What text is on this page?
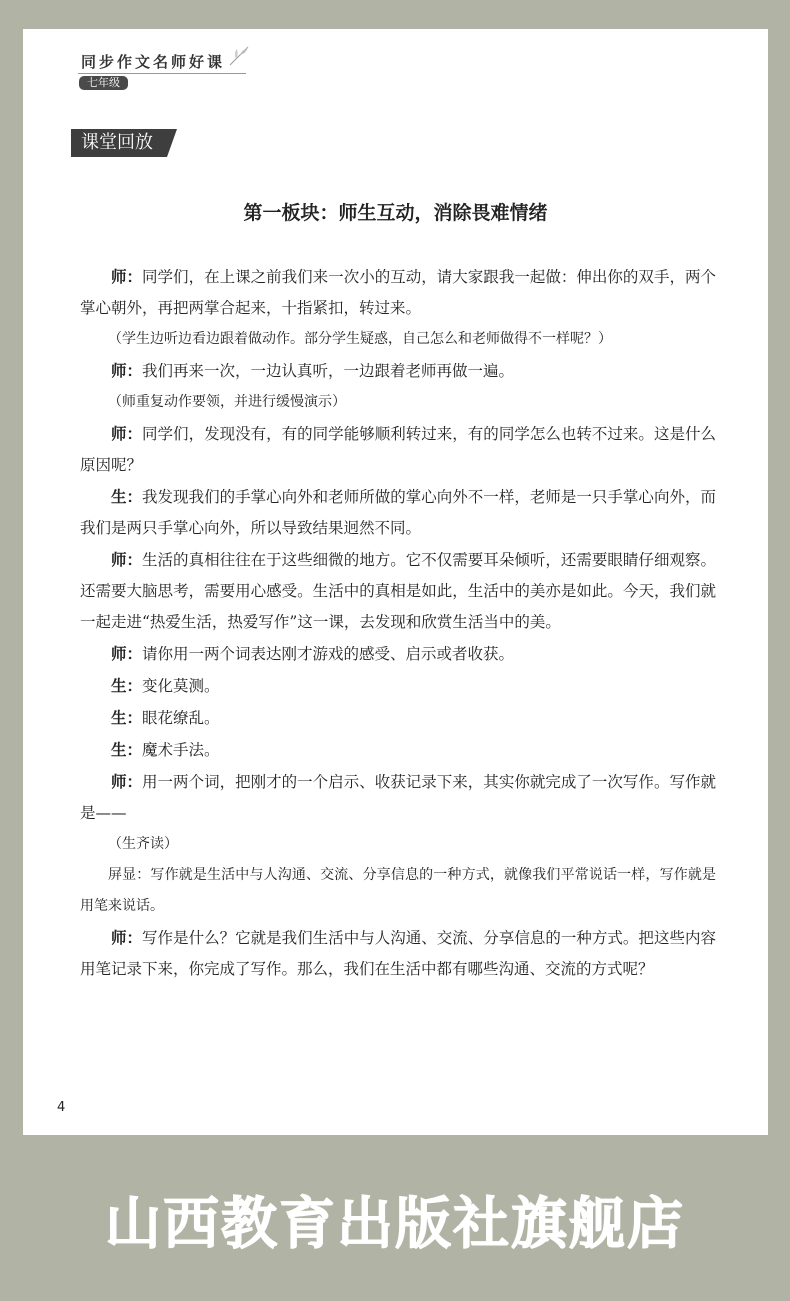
同步作文名师好课
七年级
课堂回放
第一板块：师生互动，消除畏难情绪

师：同学们，在上课之前我们来一次小的互动，请大家跟我一起做：伸出你的双手，两个掌心朝外，再把两掌合起来，十指紧扣，转过来。

（学生边听边看边跟着做动作。部分学生疑惑，自己怎么和老师做得不一样呢？）

师：我们再来一次，一边认真听，一边跟着老师再做一遍。

（师重复动作要领，并进行缓慢演示）

师：同学们，发现没有，有的同学能够顺利转过来，有的同学怎么也转不过来。这是什么原因呢？

生：我发现我们的手掌心向外和老师所做的掌心向外不一样，老师是一只手掌心向外，而我们是两只手掌心向外，所以导致结果迥然不同。

师：生活的真相往往在于这些细微的地方。它不仅需要耳朵倾听，还需要眼睛仔细观察。还需要大脑思考，需要用心感受。生活中的真相是如此，生活中的美亦是如此。今天，我们就一起走进“热爱生活，热爱写作”这一课，去发现和欣赏生活当中的美。

师：请你用一两个词表达刚才游戏的感受、启示或者收获。

生：变化莫测。

生：眼花缭乱。

生：魔术手法。

师：用一两个词，把刚才的一个启示、收获记录下来，其实你就完成了一次写作。写作就是——

（生齐读）

屏显：写作就是生活中与人沟通、交流、分享信息的一种方式，就像我们平常说话一样，写作就是用笔来说话。

师：写作是什么？它就是我们生活中与人沟通、交流、分享信息的一种方式。把这些内容用笔记录下来，你完成了写作。那么，我们在生活中都有哪些沟通、交流的方式呢？

4
山西教育出版社旗舰店
